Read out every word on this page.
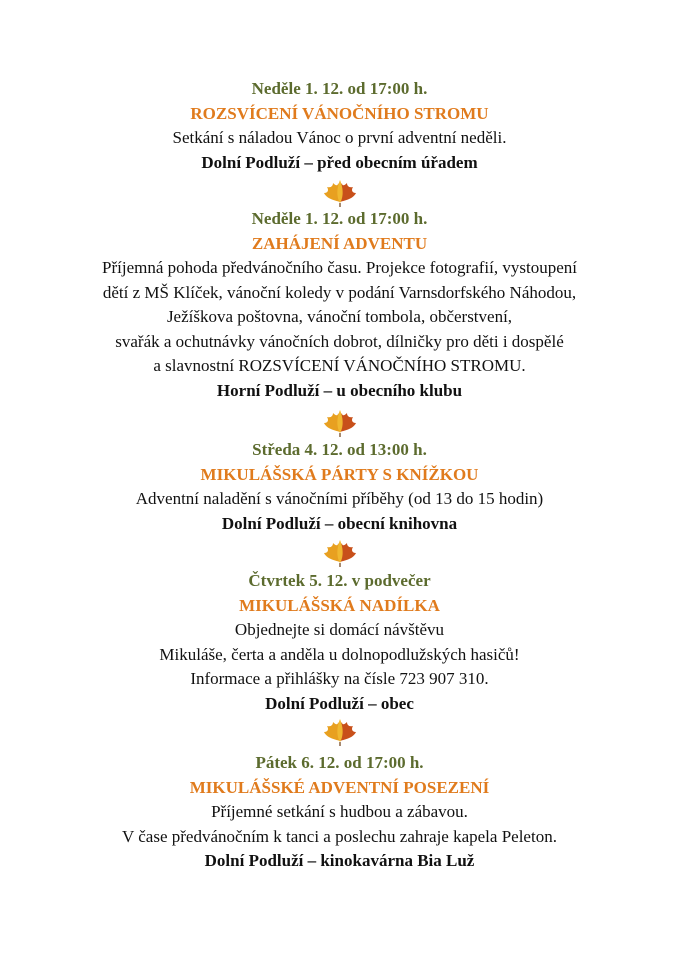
Neděle 1. 12. od 17:00 h.
ROZSVÍCENÍ VÁNOČNÍHO STROMU
Setkání s náladou Vánoc o první adventní neděli.
Dolní Podluží – před obecním úřadem
Neděle 1. 12. od 17:00 h.
ZAHÁJENÍ ADVENTU
Příjemná pohoda předvánočního času. Projekce fotografií, vystoupení
dětí z MŠ Klíček, vánoční koledy v podání Varnsdorfského Náhodou,
Ježíškova poštovna, vánoční tombola, občerstvení,
svařák a ochutnávky vánočních dobrot, dílničky pro děti i dospělé
a slavnostní ROZSVÍCENÍ VÁNOČNÍHO STROMU.
Horní Podluží – u obecního klubu
Středa 4. 12. od 13:00 h.
MIKULÁŠSKÁ PÁRTY S KNÍŽKOU
Adventní naladění s vánočními příběhy (od 13 do 15 hodin)
Dolní Podluží – obecní knihovna
Čtvrtek 5. 12. v podvečer
MIKULÁŠSKÁ NADÍLKA
Objednejte si domácí návštěvu
Mikuláše, čerta a anděla u dolnopodlužských hasičů!
Informace a přihlášky na čísle 723 907 310.
Dolní Podluží – obec
Pátek 6. 12. od 17:00 h.
MIKULÁŠSKÉ ADVENTNÍ POSEZENÍ
Příjemné setkání s hudbou a zábavou.
V čase předvánočním k tanci a poslechu zahraje kapela Peleton.
Dolní Podluží – kinokavárna Bia Luž
